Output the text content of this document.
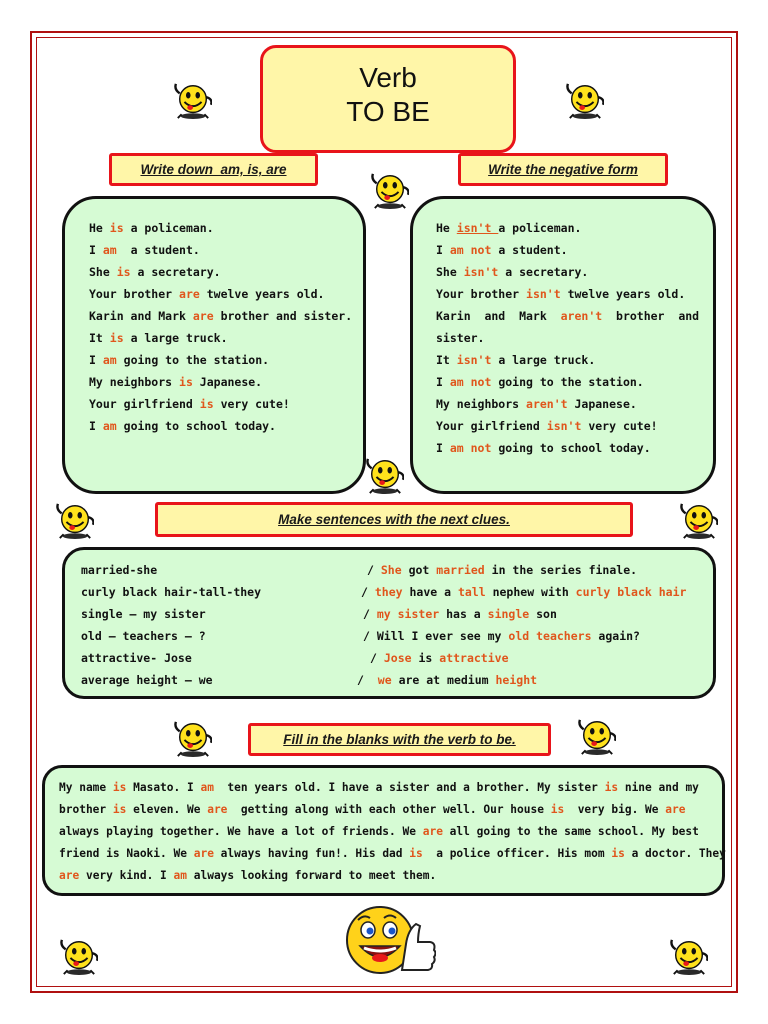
Verb
TO BE
Write down  am, is, are	Write the negative form
Make sentences with the next clues.
Fill in the blanks with the verb to be.
He is a policeman.
I am  a student.
She is a secretary.
Your brother are twelve years old.
Karin and Mark are brother and sister.
It is a large truck.
I am going to the station.
My neighbors is Japanese.
Your girlfriend is very cute!
I am going to school today.
He isn't a policeman.
I am not a student.
She isn't a secretary.
Your brother isn't twelve years old.
Karin  and  Mark  aren't  brother  and
sister.
It isn't a large truck.
I am not going to the station.
My neighbors aren't Japanese.
Your girlfriend isn't very cute!
I am not going to school today.
married-she	/ She got married in the series finale.
curly black hair-tall-they	/ they have a tall nephew with curly black hair
single – my sister	/ my sister has a single son
old – teachers – ?	/ Will I ever see my old teachers again?
attractive- Jose	/ Jose is attractive
average height – we	/  we are at medium height
My name is Masato. I am  ten years old. I have a sister and a brother. My sister is nine and my
brother is eleven. We are  getting along with each other well. Our house is  very big. We are
always playing together. We have a lot of friends. We are all going to the same school. My best
friend is Naoki. We are always having fun!. His dad is  a police officer. His mom is a doctor. They
are very kind. I am always looking forward to meet them.
